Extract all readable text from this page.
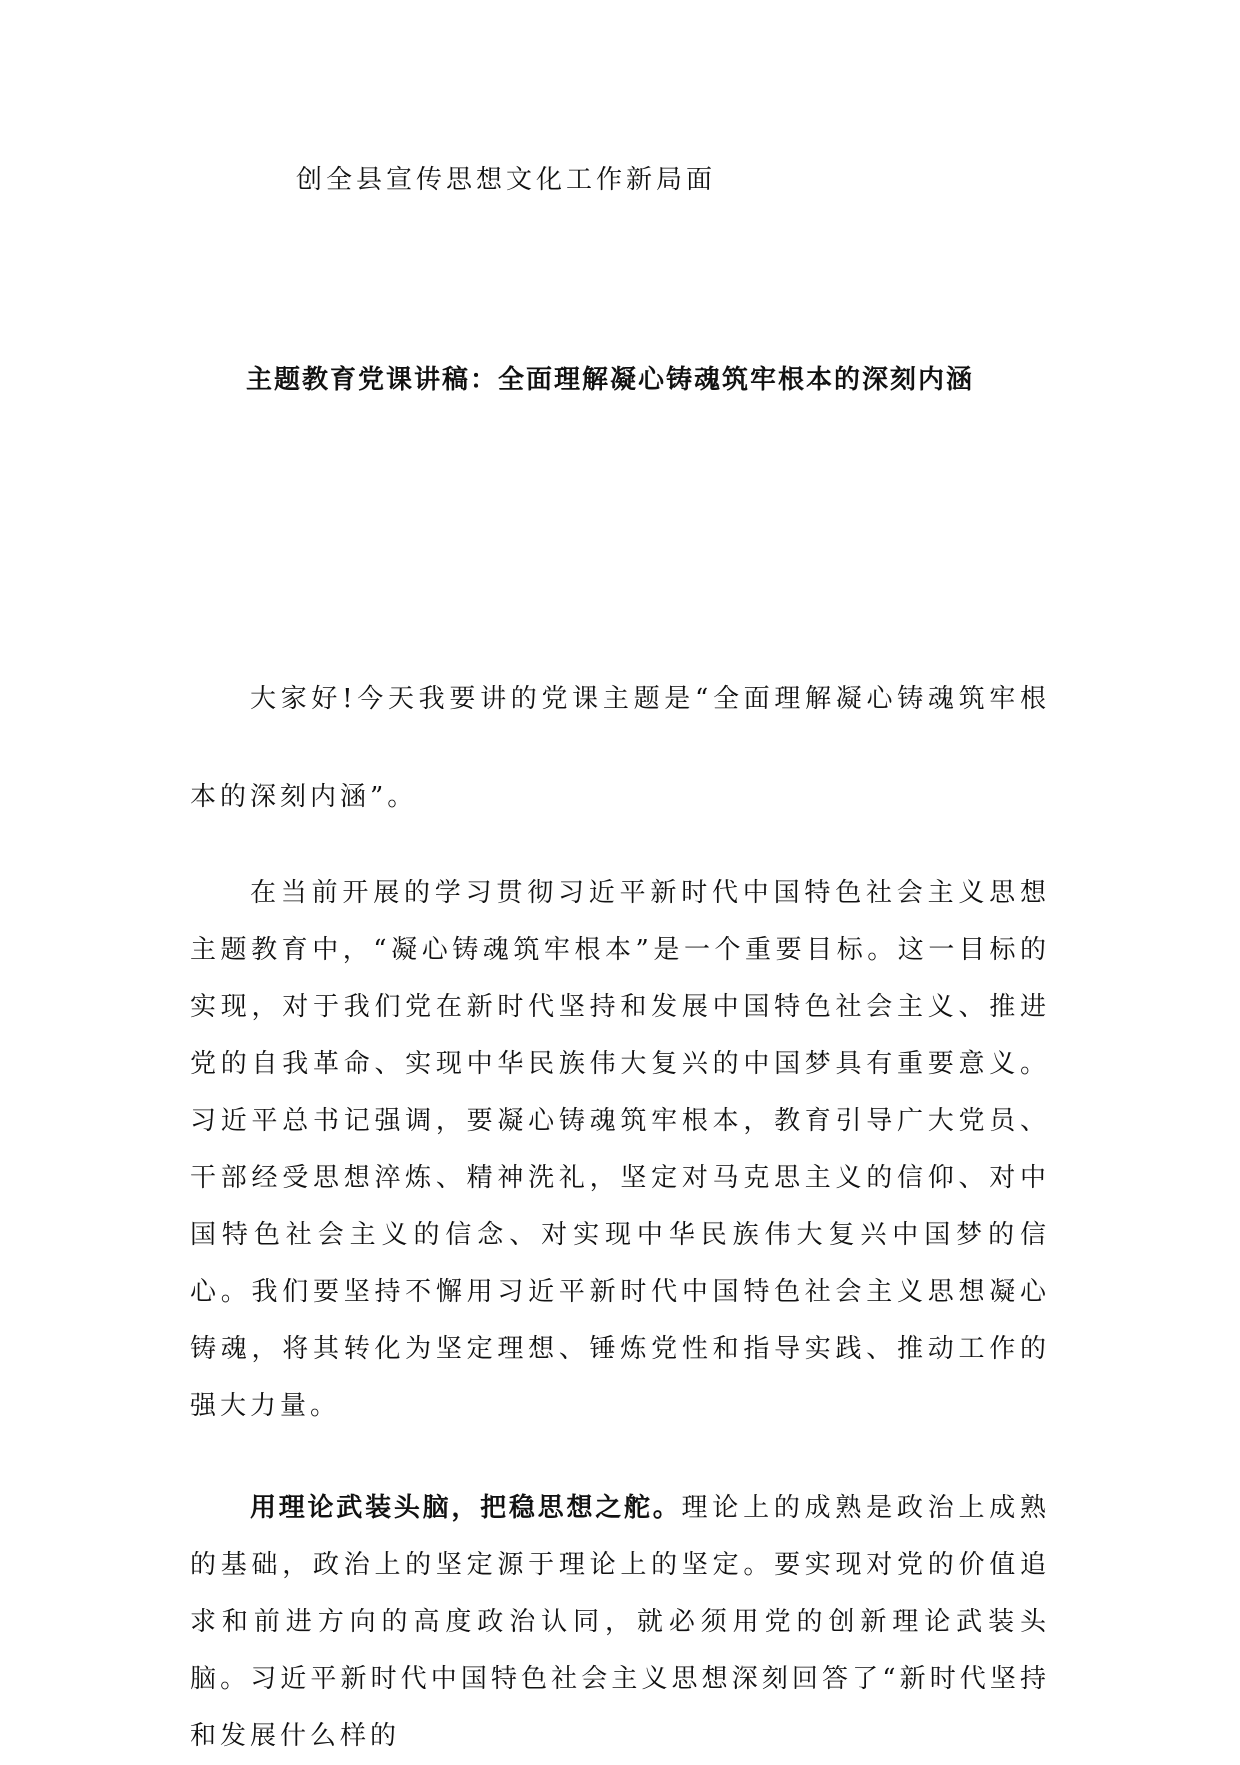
创全县宣传思想文化工作新局面
主题教育党课讲稿：全面理解凝心铸魂筑牢根本的深刻内涵

大家好!今天我要讲的党课主题是“全面理解凝心铸魂筑牢根本的深刻内涵”。

在当前开展的学习贯彻习近平新时代中国特色社会主义思想主题教育中，“凝心铸魂筑牢根本”是一个重要目标。这一目标的实现，对于我们党在新时代坚持和发展中国特色社会主义、推进党的自我革命、实现中华民族伟大复兴的中国梦具有重要意义。习近平总书记强调，要凝心铸魂筑牢根本，教育引导广大党员、干部经受思想淬炼、精神洗礼，坚定对马克思主义的信仰、对中国特色社会主义的信念、对实现中华民族伟大复兴中国梦的信心。我们要坚持不懈用习近平新时代中国特色社会主义思想凝心铸魂，将其转化为坚定理想、锤炼党性和指导实践、推动工作的强大力量。

用理论武装头脑，把稳思想之舵。理论上的成熟是政治上成熟的基础，政治上的坚定源于理论上的坚定。要实现对党的价值追求和前进方向的高度政治认同，就必须用党的创新理论武装头脑。习近平新时代中国特色社会主义思想深刻回答了“新时代坚持和发展什么样的
